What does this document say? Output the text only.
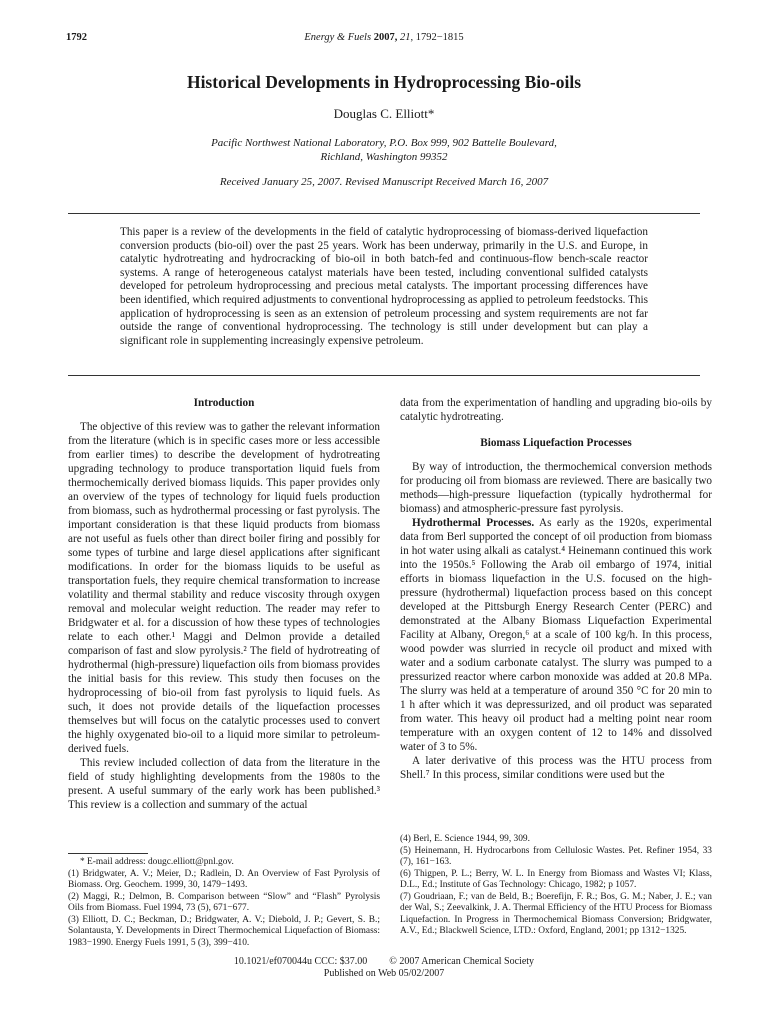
1792	Energy & Fuels 2007, 21, 1792−1815
Historical Developments in Hydroprocessing Bio-oils
Douglas C. Elliott*
Pacific Northwest National Laboratory, P.O. Box 999, 902 Battelle Boulevard,
Richland, Washington 99352
Received January 25, 2007. Revised Manuscript Received March 16, 2007
This paper is a review of the developments in the field of catalytic hydroprocessing of biomass-derived liquefaction conversion products (bio-oil) over the past 25 years. Work has been underway, primarily in the U.S. and Europe, in catalytic hydrotreating and hydrocracking of bio-oil in both batch-fed and continuous-flow bench-scale reactor systems. A range of heterogeneous catalyst materials have been tested, including conventional sulfided catalysts developed for petroleum hydroprocessing and precious metal catalysts. The important processing differences have been identified, which required adjustments to conventional hydroprocessing as applied to petroleum feedstocks. This application of hydroprocessing is seen as an extension of petroleum processing and system requirements are not far outside the range of conventional hydroprocessing. The technology is still under development but can play a significant role in supplementing increasingly expensive petroleum.
Introduction

The objective of this review was to gather the relevant information from the literature (which is in specific cases more or less accessible from earlier times) to describe the development of hydrotreating upgrading technology to produce transportation liquid fuels from thermochemically derived biomass liquids. This paper provides only an overview of the types of technology for liquid fuels production from biomass, such as hydrothermal processing or fast pyrolysis. The important consideration is that these liquid products from biomass are not useful as fuels other than direct boiler firing and possibly for some types of turbine and large diesel applications after significant modifications. In order for the biomass liquids to be useful as transportation fuels, they require chemical transformation to increase volatility and thermal stability and reduce viscosity through oxygen removal and molecular weight reduction. The reader may refer to Bridgwater et al. for a discussion of how these types of technologies relate to each other.¹ Maggi and Delmon provide a detailed comparison of fast and slow pyrolysis.² The field of hydrotreating of hydrothermal (high-pressure) liquefaction oils from biomass provides the initial basis for this review. This study then focuses on the hydroprocessing of bio-oil from fast pyrolysis to liquid fuels. As such, it does not provide details of the liquefaction processes themselves but will focus on the catalytic processes used to convert the highly oxygenated bio-oil to a liquid more similar to petroleum-derived fuels.

This review included collection of data from the literature in the field of study highlighting developments from the 1980s to the present. A useful summary of the early work has been published.³ This review is a collection and summary of the actual

data from the experimentation of handling and upgrading bio-oils by catalytic hydrotreating.

Biomass Liquefaction Processes

By way of introduction, the thermochemical conversion methods for producing oil from biomass are reviewed. There are basically two methods—high-pressure liquefaction (typically hydrothermal for biomass) and atmospheric-pressure fast pyrolysis.

Hydrothermal Processes. As early as the 1920s, experimental data from Berl supported the concept of oil production from biomass in hot water using alkali as catalyst.⁴ Heinemann continued this work into the 1950s.⁵ Following the Arab oil embargo of 1974, initial efforts in biomass liquefaction in the U.S. focused on the high-pressure (hydrothermal) liquefaction process based on this concept developed at the Pittsburgh Energy Research Center (PERC) and demonstrated at the Albany Biomass Liquefaction Experimental Facility at Albany, Oregon,⁶ at a scale of 100 kg/h. In this process, wood powder was slurried in recycle oil product and mixed with water and a sodium carbonate catalyst. The slurry was pumped to a pressurized reactor where carbon monoxide was added at 20.8 MPa. The slurry was held at a temperature of around 350 °C for 20 min to 1 h after which it was depressurized, and oil product was separated from water. This heavy oil product had a melting point near room temperature with an oxygen content of 12 to 14% and dissolved water of 3 to 5%.

A later derivative of this process was the HTU process from Shell.⁷ In this process, similar conditions were used but the

* E-mail address: dougc.elliott@pnl.gov.
(1) Bridgwater, A. V.; Meier, D.; Radlein, D. An Overview of Fast Pyrolysis of Biomass. Org. Geochem. 1999, 30, 1479−1493.
(2) Maggi, R.; Delmon, B. Comparison between “Slow” and “Flash” Pyrolysis Oils from Biomass. Fuel 1994, 73 (5), 671−677.
(3) Elliott, D. C.; Beckman, D.; Bridgwater, A. V.; Diebold, J. P.; Gevert, S. B.; Solantausta, Y. Developments in Direct Thermochemical Liquefaction of Biomass: 1983−1990. Energy Fuels 1991, 5 (3), 399−410.
(4) Berl, E. Science 1944, 99, 309.
(5) Heinemann, H. Hydrocarbons from Cellulosic Wastes. Pet. Refiner 1954, 33 (7), 161−163.
(6) Thigpen, P. L.; Berry, W. L. In Energy from Biomass and Wastes VI; Klass, D.L., Ed.; Institute of Gas Technology: Chicago, 1982; p 1057.
(7) Goudriaan, F.; van de Beld, B.; Boerefijn, F. R.; Bos, G. M.; Naber, J. E.; van der Wal, S.; Zeevalkink, J. A. Thermal Efficiency of the HTU Process for Biomass Liquefaction. In Progress in Thermochemical Biomass Conversion; Bridgwater, A.V., Ed.; Blackwell Science, LTD.: Oxford, England, 2001; pp 1312−1325.
10.1021/ef070044u CCC: $37.00 © 2007 American Chemical Society
Published on Web 05/02/2007
